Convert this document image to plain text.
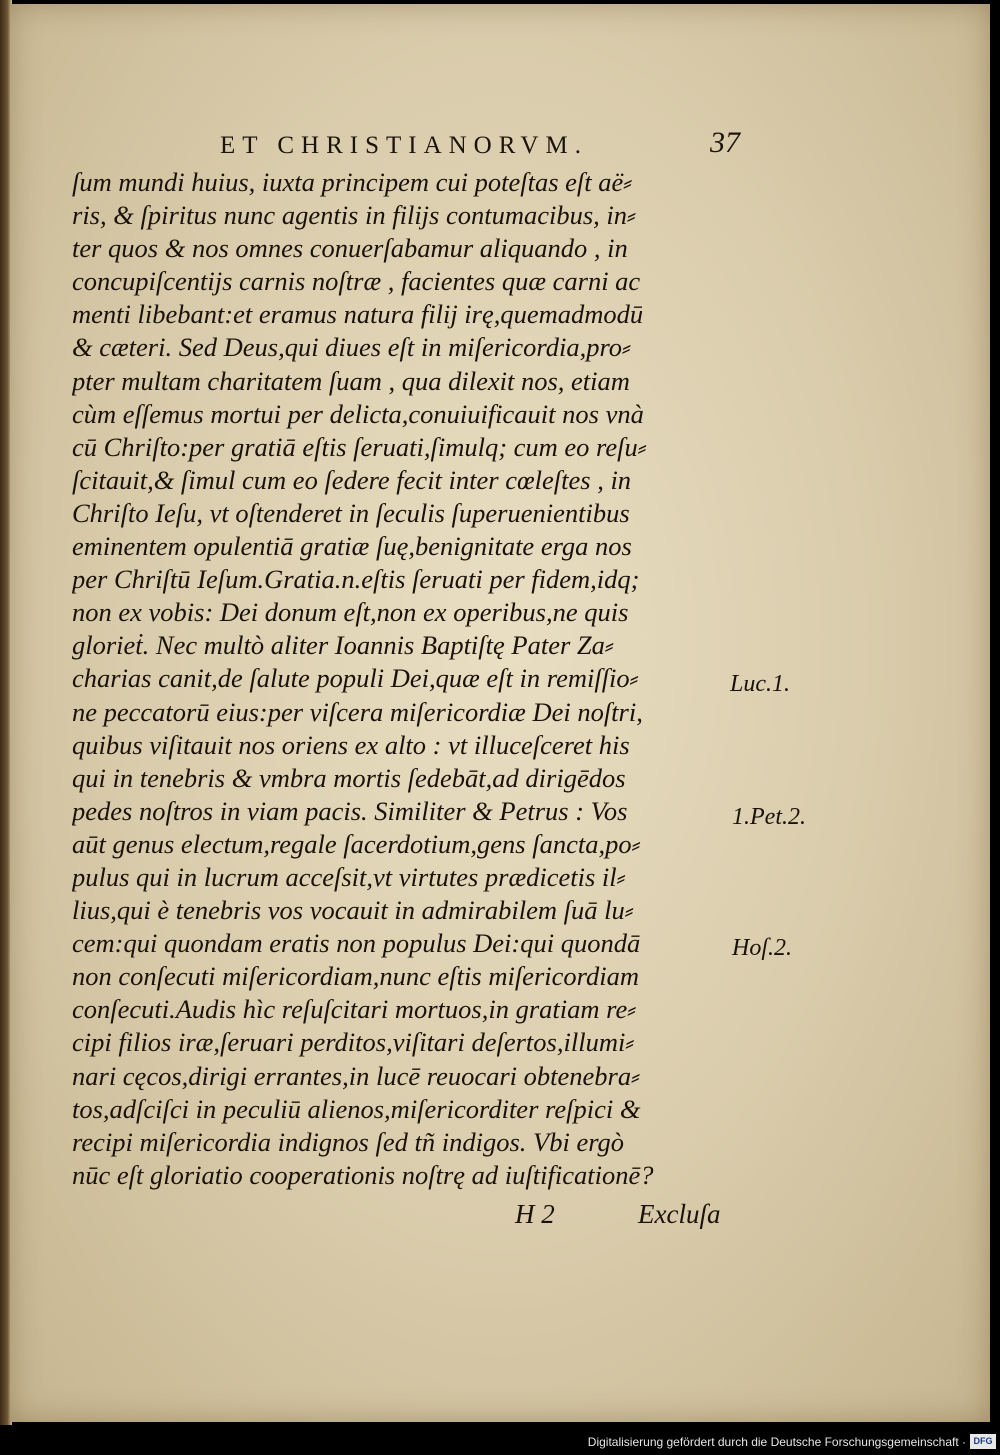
ET CHRISTIANORVM.	37
ſum mundi huius, iuxta principem cui poteſtas eſt aë⸗
ris, & ſpiritus nunc agentis in filijs contumacibus, in⸗
ter quos & nos omnes conuerſabamur aliquando , in
concupiſcentijs carnis noſtræ , facientes quæ carni ac
menti libebant:et eramus natura filij irę,quemadmodū
& cæteri. Sed Deus,qui diues eſt in miſericordia,pro⸗
pter multam charitatem ſuam , qua dilexit nos, etiam
cùm eſſemus mortui per delicta,conuiuificauit nos vnà
cū Chriſto:per gratiā eſtis ſeruati,ſimulq; cum eo reſu⸗
ſcitauit,& ſimul cum eo ſedere fecit inter cœleſtes , in
Chriſto Ieſu, vt oſtenderet in ſeculis ſuperuenientibus
eminentem opulentiā gratiæ ſuę,benignitate erga nos
per Chriſtū Ieſum.Gratia.n.eſtis ſeruati per fidem,idq;
non ex vobis: Dei donum eſt,non ex operibus,ne quis
glorieṫ. Nec multò aliter Ioannis Baptiſtę Pater Za⸗
charias canit,de ſalute populi Dei,quæ eſt in remiſſio⸗
ne peccatorū eius:per viſcera miſericordiæ Dei noſtri,
quibus viſitauit nos oriens ex alto : vt illuceſceret his
qui in tenebris & vmbra mortis ſedebāt,ad dirigēdos
pedes noſtros in viam pacis. Similiter & Petrus : Vos
aūt genus electum,regale ſacerdotium,gens ſancta,po⸗
pulus qui in lucrum acceſsit,vt virtutes prædicetis il⸗
lius,qui è tenebris vos vocauit in admirabilem ſuā lu⸗
cem:qui quondam eratis non populus Dei:qui quondā
non conſecuti miſericordiam,nunc eſtis miſericordiam
conſecuti.Audis hìc reſuſcitari mortuos,in gratiam re⸗
cipi filios iræ,ſeruari perditos,viſitari deſertos,illumi⸗
nari cęcos,dirigi errantes,in lucē reuocari obtenebra⸗
tos,adſciſci in peculiū alienos,miſericorditer reſpici &
recipi miſericordia indignos ſed tñ indigos. Vbi ergò
nūc eſt gloriatio cooperationis noſtrę ad iuſtificationē?
Luc.1.
1.Pet.2.
Hoſ.2.
H 2	Excluſa
Digitalisierung gefördert durch die Deutsche Forschungsgemeinschaft · DFG
